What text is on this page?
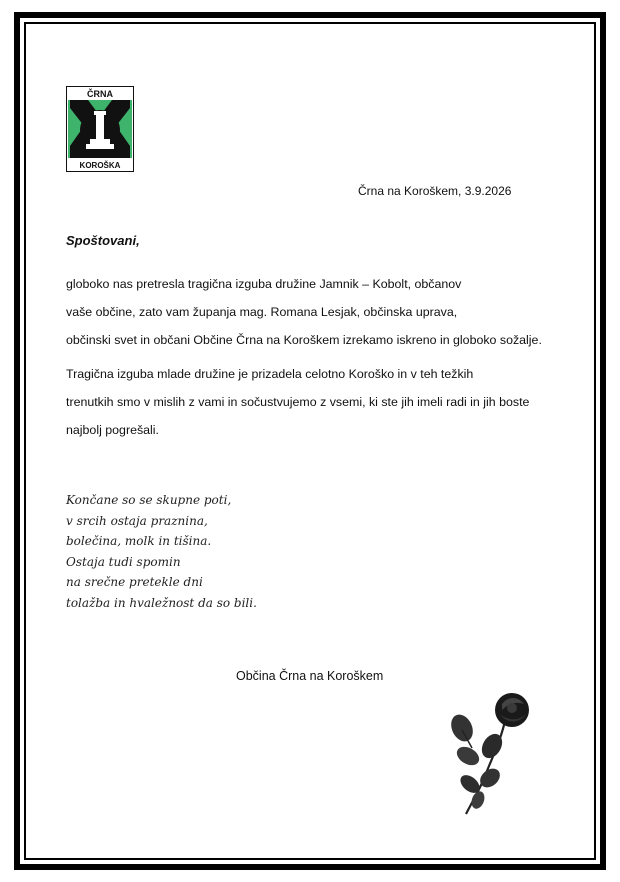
ČRNA
KOROŠKA
Črna na Koroškem, 3.9.2026
Spoštovani,
globoko nas pretresla tragična izguba družine Jamnik – Kobolt, občanov
vaše občine, zato vam županja mag. Romana Lesjak, občinska uprava,
občinski svet in občani Občine Črna na Koroškem izrekamo iskreno in globoko sožalje.
Tragična izguba mlade družine je prizadela celotno Koroško in v teh težkih
trenutkih smo v mislih z vami in sočustvujemo z vsemi, ki ste jih imeli radi in jih boste
najbolj pogrešali.
Končane so se skupne poti,
v srcih ostaja praznina,
bolečina, molk in tišina.
Ostaja tudi spomin
na srečne pretekle dni
tolažba in hvaležnost da so bili.
Občina Črna na Koroškem
